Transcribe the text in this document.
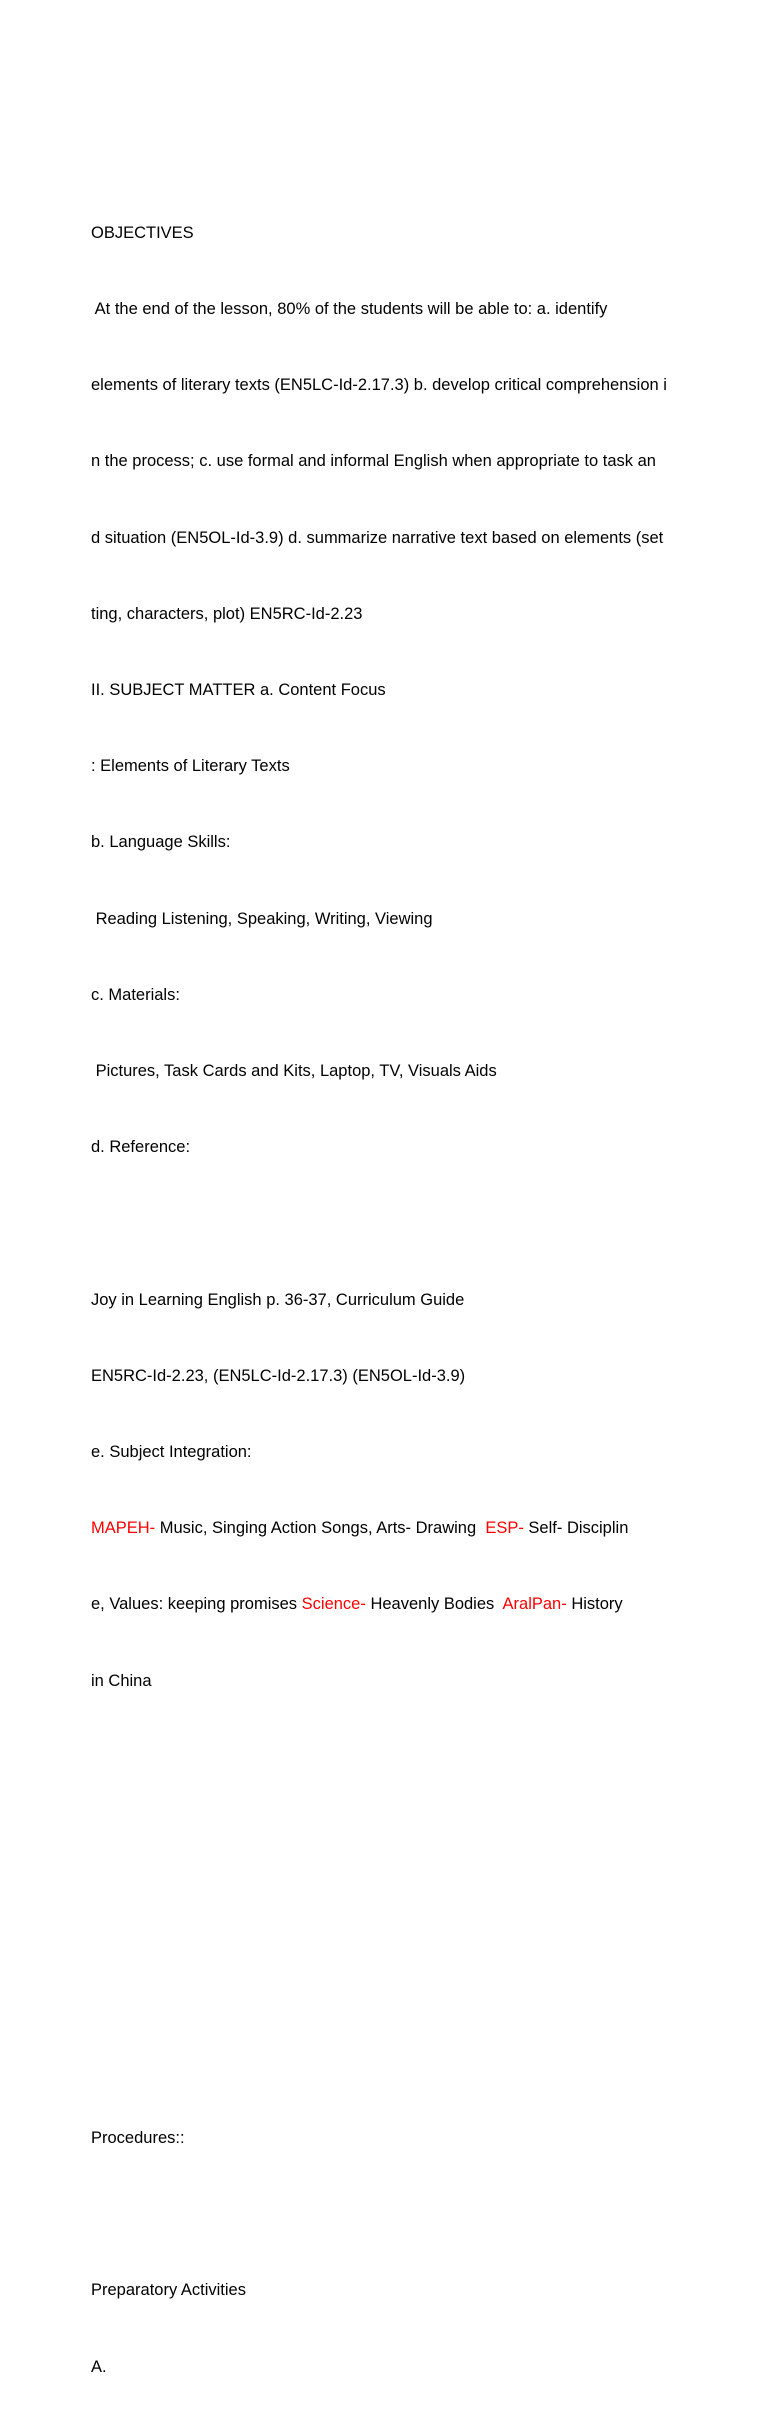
OBJECTIVES

At the end of the lesson, 80% of the students will be able to: a. identify

elements of literary texts (EN5LC-Id-2.17.3) b. develop critical comprehension i

n the process; c. use formal and informal English when appropriate to task an

d situation (EN5OL-Id-3.9) d. summarize narrative text based on elements (set

ting, characters, plot) EN5RC-Id-2.23

II. SUBJECT MATTER a. Content Focus

: Elements of Literary Texts

b. Language Skills:

Reading Listening, Speaking, Writing, Viewing

c. Materials:

Pictures, Task Cards and Kits, Laptop, TV, Visuals Aids

d. Reference:

Joy in Learning English p. 36-37, Curriculum Guide

EN5RC-Id-2.23, (EN5LC-Id-2.17.3) (EN5OL-Id-3.9)

e. Subject Integration:

MAPEH- Music, Singing Action Songs, Arts- Drawing  ESP- Self- Disciplin

e, Values: keeping promises Science- Heavenly Bodies  AralPan- History

in China

Procedures::

Preparatory Activities

A.
